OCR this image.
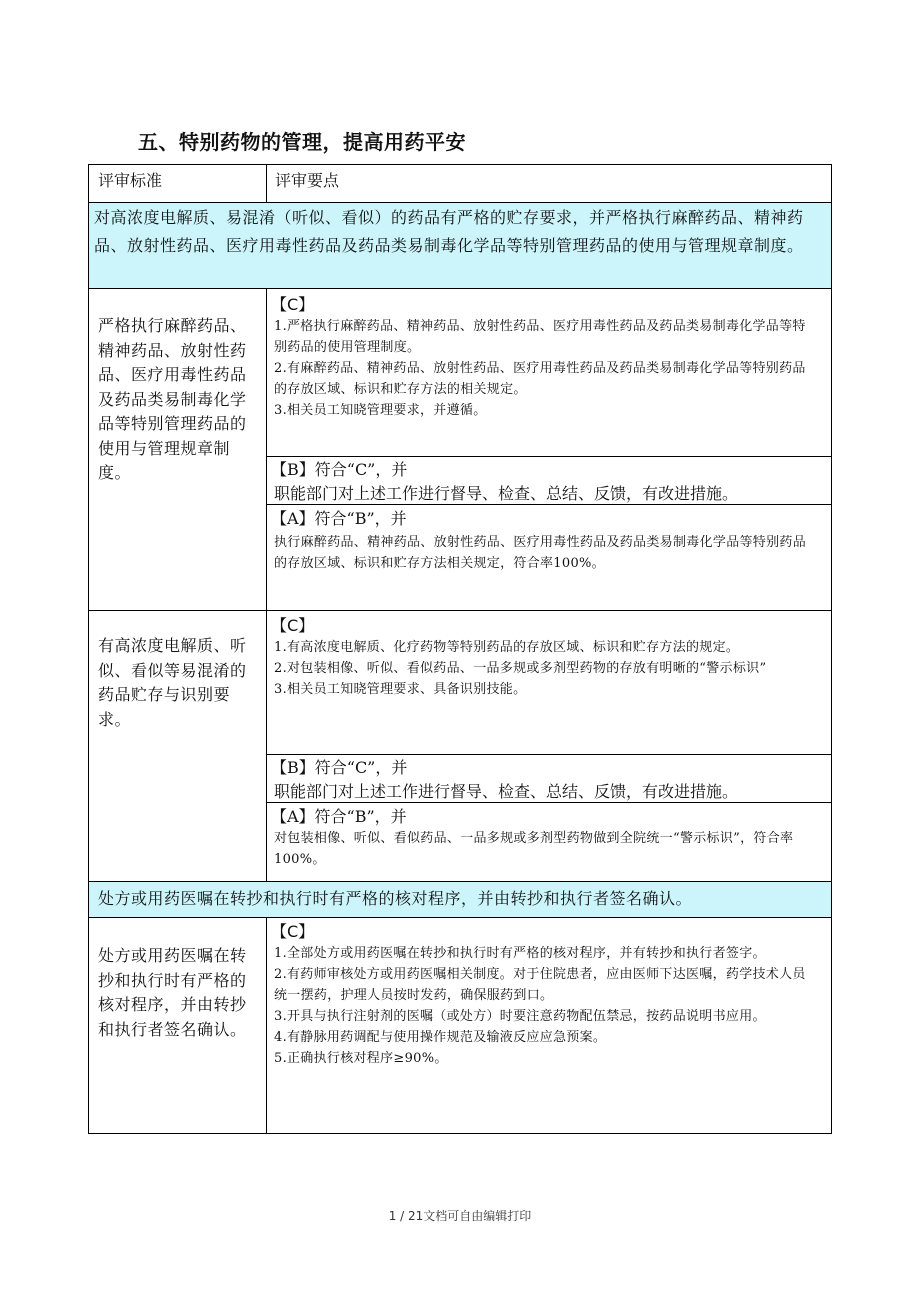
五、特别药物的管理，提高用药平安
评审标准	评审要点
对高浓度电解质、易混淆（听似、看似）的药品有严格的贮存要求，并严格执行麻醉药品、精神药品、放射性药品、医疗用毒性药品及药品类易制毒化学品等特别管理药品的使用与管理规章制度。
严格执行麻醉药品、精神药品、放射性药品、医疗用毒性药品及药品类易制毒化学品等特别管理药品的使用与管理规章制度。
【C】
1.严格执行麻醉药品、精神药品、放射性药品、医疗用毒性药品及药品类易制毒化学品等特别药品的使用管理制度。
2.有麻醉药品、精神药品、放射性药品、医疗用毒性药品及药品类易制毒化学品等特别药品的存放区域、标识和贮存方法的相关规定。
3.相关员工知晓管理要求，并遵循。
【B】符合“C”，并
职能部门对上述工作进行督导、检查、总结、反馈，有改进措施。
【A】符合“B”，并
执行麻醉药品、精神药品、放射性药品、医疗用毒性药品及药品类易制毒化学品等特别药品的存放区域、标识和贮存方法相关规定，符合率100%。
有高浓度电解质、听似、看似等易混淆的药品贮存与识别要求。
【C】
1.有高浓度电解质、化疗药物等特别药品的存放区域、标识和贮存方法的规定。
2.对包装相像、听似、看似药品、一品多规或多剂型药物的存放有明晰的“警示标识”
3.相关员工知晓管理要求、具备识别技能。
【B】符合“C”，并
职能部门对上述工作进行督导、检查、总结、反馈，有改进措施。
【A】符合“B”，并
对包装相像、听似、看似药品、一品多规或多剂型药物做到全院统一“警示标识”，符合率100%。
处方或用药医嘱在转抄和执行时有严格的核对程序，并由转抄和执行者签名确认。
处方或用药医嘱在转抄和执行时有严格的核对程序，并由转抄和执行者签名确认。
【C】
1.全部处方或用药医嘱在转抄和执行时有严格的核对程序，并有转抄和执行者签字。
2.有药师审核处方或用药医嘱相关制度。对于住院患者，应由医师下达医嘱，药学技术人员统一摆药，护理人员按时发药，确保服药到口。
3.开具与执行注射剂的医嘱（或处方）时要注意药物配伍禁忌，按药品说明书应用。
4.有静脉用药调配与使用操作规范及输液反应应急预案。
5.正确执行核对程序≥90%。
1 / 21文档可自由编辑打印
